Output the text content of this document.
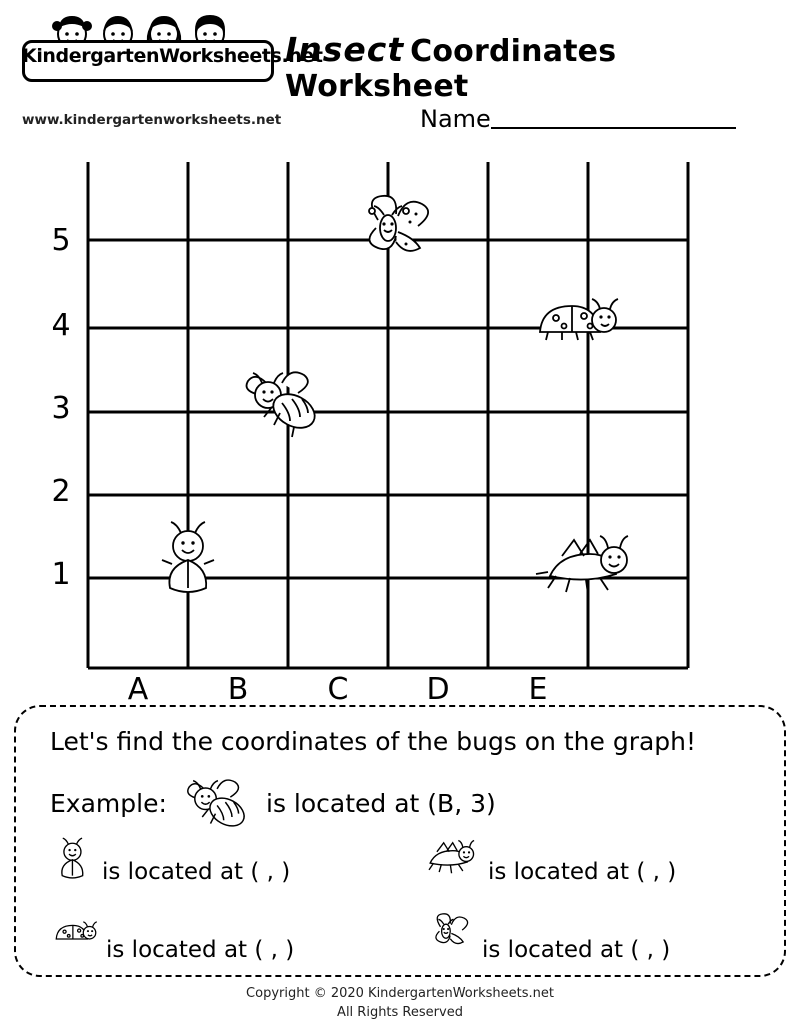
KindergartenWorksheets.net
www.kindergartenworksheets.net
Insect Coordinates Worksheet
Name
5
4
3
2
1
A	B	C	D	E
Let's find the coordinates of the bugs on the graph!
Example:	is located at (B, 3)
is located at ( , )	is located at ( , )
is located at ( , )	is located at ( , )
Copyright © 2020 KindergartenWorksheets.net
All Rights Reserved
